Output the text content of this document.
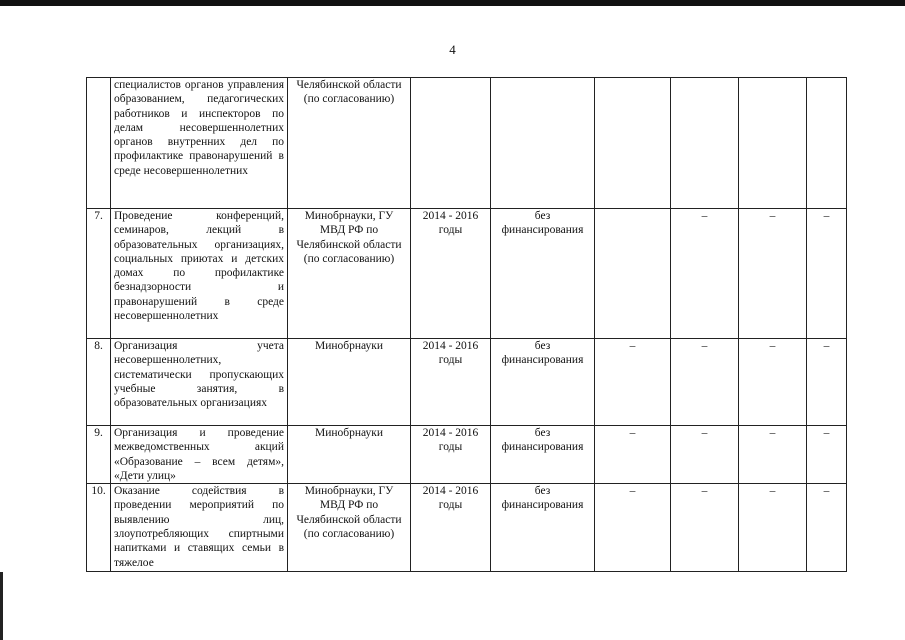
4
	специалистов органов управления образованием, педагогических работников и инспекторов по делам несовершеннолетних органов внутренних дел по профилактике правонарушений в среде несовершеннолетних	Челябинской области (по согласованию)						
7.	Проведение конференций, семинаров, лекций в образовательных организациях, социальных приютах и детских домах по профилактике безнадзорности и правонарушений в среде несовершеннолетних	Минобрнауки, ГУ МВД РФ по Челябинской области (по согласованию)	2014 - 2016 годы	без финансирования		–	–	–
8.	Организация учета несовершеннолетних, систематически пропускающих учебные занятия, в образовательных организациях	Минобрнауки	2014 - 2016 годы	без финансирования	–	–	–	–
9.	Организация и проведение межведомственных акций «Образование – всем детям», «Дети улиц»	Минобрнауки	2014 - 2016 годы	без финансирования	–	–	–	–
10.	Оказание содействия в проведении мероприятий по выявлению лиц, злоупотребляющих спиртными напитками и ставящих семьи в тяжелое	Минобрнауки, ГУ МВД РФ по Челябинской области (по согласованию)	2014 - 2016 годы	без финансирования	–	–	–	–
